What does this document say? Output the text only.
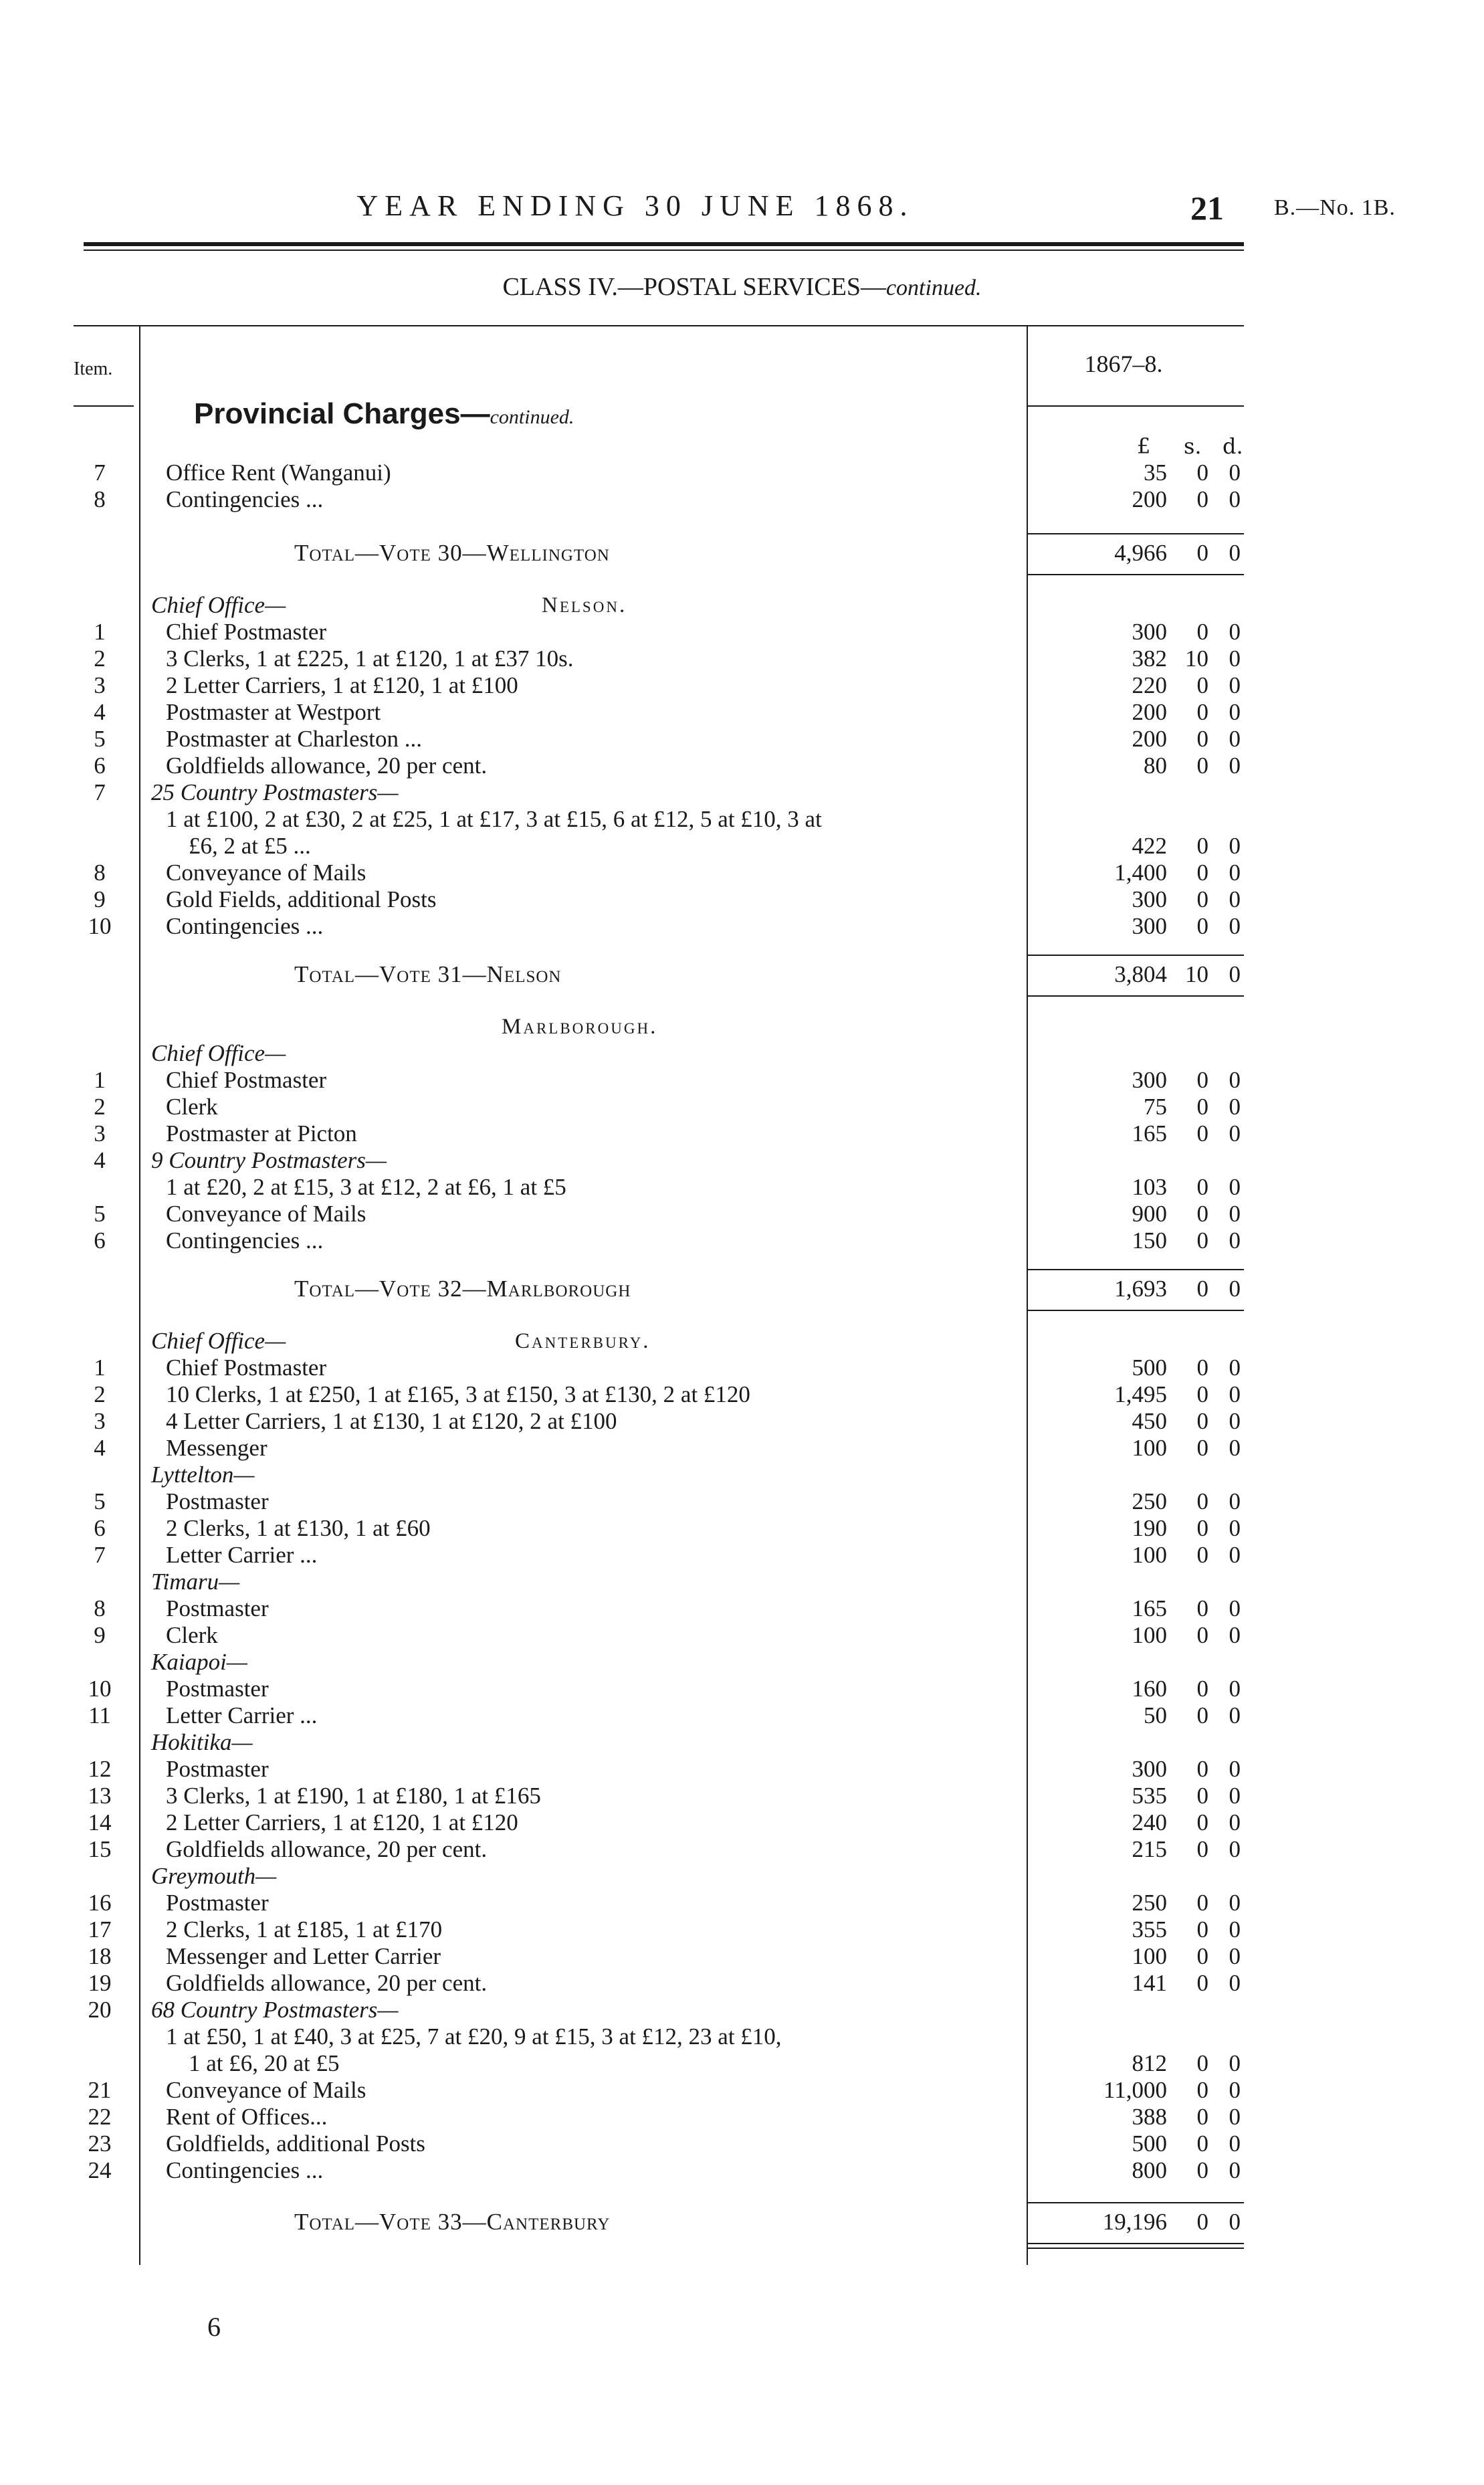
YEAR ENDING 30 JUNE 1868.	21 B.—No. 1B.
CLASS IV.—POSTAL SERVICES—continued.
Item.	1867–8.
Provincial Charges—continued.
£ s. d.
7	Office Rent (Wanganui)	35	0 0
8	Contingencies ...	200	0 0
Total—Vote 30—Wellington	4,966	0 0
Chief Office—	Nelson.
1	Chief Postmaster	300	0 0
2	3 Clerks, 1 at £225, 1 at £120, 1 at £37 10s.	382 10 0
3	2 Letter Carriers, 1 at £120, 1 at £100	220	0 0
4	Postmaster at Westport	200	0 0
5	Postmaster at Charleston ...	200	0 0
6	Goldfields allowance, 20 per cent.	80	0 0
7	25 Country Postmasters—
1 at £100, 2 at £30, 2 at £25, 1 at £17, 3 at £15, 6 at £12, 5 at £10, 3 at
£6, 2 at £5 ...	422	0 0
8	Conveyance of Mails	1,400	0 0
9	Gold Fields, additional Posts	300	0 0
10	Contingencies ...	300	0 0
Total—Vote 31—Nelson	3,804 10 0
Marlborough.
Chief Office—
1	Chief Postmaster	300	0 0
2	Clerk	75	0 0
3	Postmaster at Picton	165	0 0
4	9 Country Postmasters—
1 at £20, 2 at £15, 3 at £12, 2 at £6, 1 at £5	103	0 0
5	Conveyance of Mails	900	0 0
6	Contingencies ...	150	0 0
Total—Vote 32—Marlborough	1,693	0 0
Chief Office—	Canterbury.
1	Chief Postmaster	500	0 0
2	10 Clerks, 1 at £250, 1 at £165, 3 at £150, 3 at £130, 2 at £120	1,495	0 0
3	4 Letter Carriers, 1 at £130, 1 at £120, 2 at £100	450	0 0
4	Messenger	100	0 0
Lyttelton—
5	Postmaster	250	0 0
6	2 Clerks, 1 at £130, 1 at £60	190	0 0
7	Letter Carrier ...	100	0 0
Timaru—
8	Postmaster	165	0 0
9	Clerk	100	0 0
Kaiapoi—
10	Postmaster	160	0 0
11	Letter Carrier ...	50	0 0
Hokitika—
12	Postmaster	300	0 0
13	3 Clerks, 1 at £190, 1 at £180, 1 at £165	535	0 0
14	2 Letter Carriers, 1 at £120, 1 at £120	240	0 0
15	Goldfields allowance, 20 per cent.	215	0 0
Greymouth—
16	Postmaster	250	0 0
17	2 Clerks, 1 at £185, 1 at £170	355	0 0
18	Messenger and Letter Carrier	100	0 0
19	Goldfields allowance, 20 per cent.	141	0 0
20	68 Country Postmasters—
1 at £50, 1 at £40, 3 at £25, 7 at £20, 9 at £15, 3 at £12, 23 at £10,
1 at £6, 20 at £5	812	0 0
21	Conveyance of Mails	11,000	0 0
22	Rent of Offices...	388	0 0
23	Goldfields, additional Posts	500	0 0
24	Contingencies ...	800	0 0
Total—Vote 33—Canterbury	19,196	0 0
6
